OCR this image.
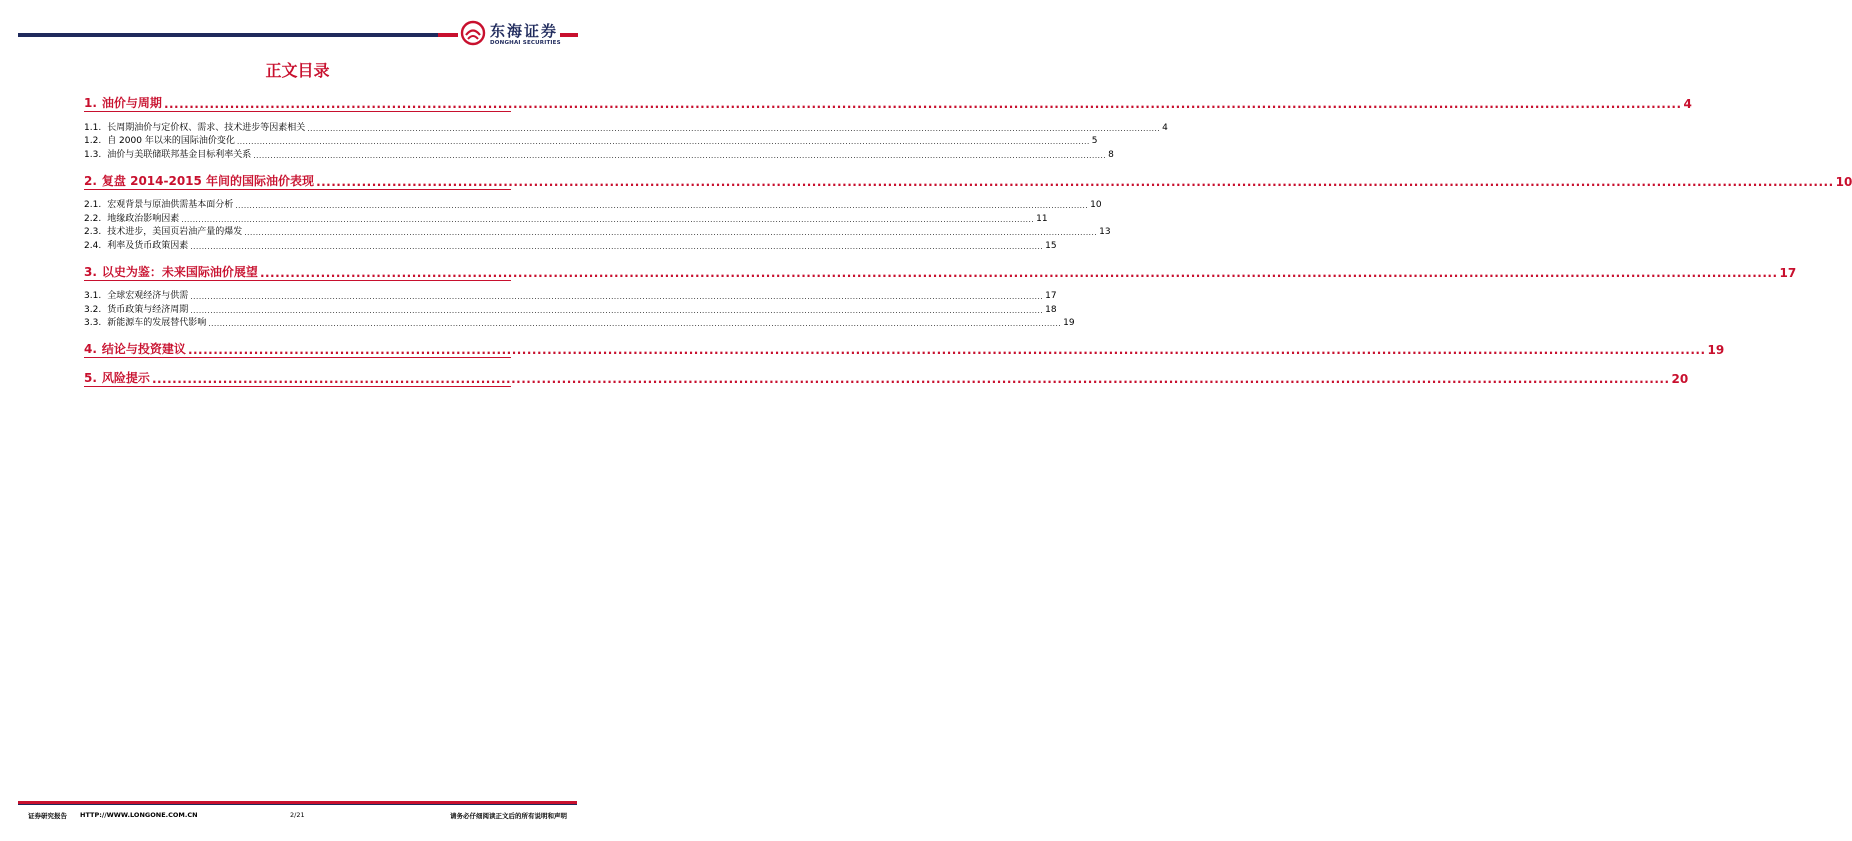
东海证券
DONGHAI SECURITIES
正文目录
1. 油价与周期 ............................................................................................................................................................................................................................................................................................................ 4
1.1. 长周期油价与定价权、需求、技术进步等因素相关 ............................................................................................................................................................................................................................................................................................................ 4
1.2. 自 2000 年以来的国际油价变化 ............................................................................................................................................................................................................................................................................................................ 5
1.3. 油价与美联储联邦基金目标利率关系 ............................................................................................................................................................................................................................................................................................................ 8
2. 复盘 2014-2015 年间的国际油价表现 ............................................................................................................................................................................................................................................................................................................ 10
2.1. 宏观背景与原油供需基本面分析 ............................................................................................................................................................................................................................................................................................................ 10
2.2. 地缘政治影响因素 ............................................................................................................................................................................................................................................................................................................ 11
2.3. 技术进步，美国页岩油产量的爆发 ............................................................................................................................................................................................................................................................................................................ 13
2.4. 利率及货币政策因素 ............................................................................................................................................................................................................................................................................................................ 15
3. 以史为鉴：未来国际油价展望 ............................................................................................................................................................................................................................................................................................................ 17
3.1. 全球宏观经济与供需 ............................................................................................................................................................................................................................................................................................................ 17
3.2. 货币政策与经济周期 ............................................................................................................................................................................................................................................................................................................ 18
3.3. 新能源车的发展替代影响 ............................................................................................................................................................................................................................................................................................................ 19
4. 结论与投资建议 ............................................................................................................................................................................................................................................................................................................ 19
5. 风险提示 ............................................................................................................................................................................................................................................................................................................ 20
证券研究报告 HTTP://WWW.LONGONE.COM.CN	2/21	请务必仔细阅读正文后的所有说明和声明
